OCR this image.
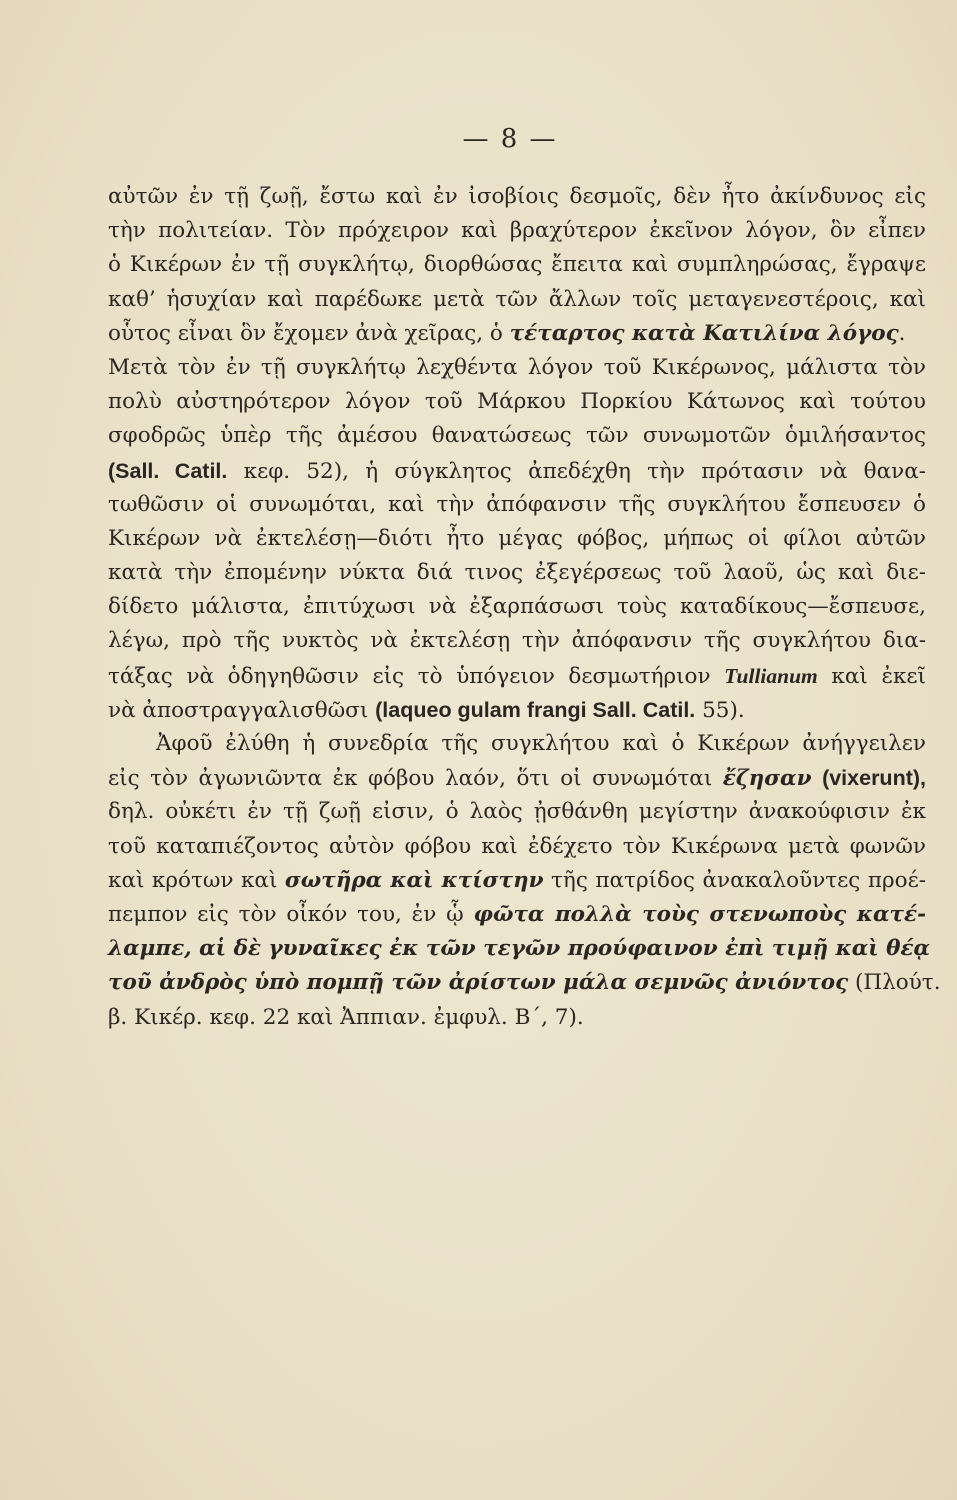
— 8 —
αὐτῶν ἐν τῇ ζωῇ, ἔστω καὶ ἐν ἰσοβίοις δεσμοῖς, δὲν ἦτο ἀκίνδυνος εἰς
τὴν πολιτείαν. Τὸν πρόχειρον καὶ βραχύτερον ἐκεῖνον λόγον, ὃν εἶπεν
ὁ Κικέρων ἐν τῇ συγκλήτῳ, διορθώσας ἔπειτα καὶ συμπληρώσας, ἔγραψε
καθ’ ἡσυχίαν καὶ παρέδωκε μετὰ τῶν ἄλλων τοῖς μεταγενεστέροις, καὶ
οὗτος εἶναι ὃν ἔχομεν ἀνὰ χεῖρας, ὁ τέταρτος κατὰ Κατιλίνα λόγος.
Μετὰ τὸν ἐν τῇ συγκλήτῳ λεχθέντα λόγον τοῦ Κικέρωνος, μάλιστα τὸν
πολὺ αὐστηρότερον λόγον τοῦ Μάρκου Πορκίου Κάτωνος καὶ τούτου
σφοδρῶς ὑπὲρ τῆς ἀμέσου θανατώσεως τῶν συνωμοτῶν ὁμιλήσαντος
(Sall. Catil. κεφ. 52), ἡ σύγκλητος ἀπεδέχθη τὴν πρότασιν νὰ θανα-
τωθῶσιν οἱ συνωμόται, καὶ τὴν ἀπόφανσιν τῆς συγκλήτου ἔσπευσεν ὁ
Κικέρων νὰ ἐκτελέσῃ—διότι ἦτο μέγας φόβος, μήπως οἱ φίλοι αὐτῶν
κατὰ τὴν ἐπομένην νύκτα διά τινος ἐξεγέρσεως τοῦ λαοῦ, ὡς καὶ διε-
δίδετο μάλιστα, ἐπιτύχωσι νὰ ἐξαρπάσωσι τοὺς καταδίκους—ἔσπευσε,
λέγω, πρὸ τῆς νυκτὸς νὰ ἐκτελέσῃ τὴν ἀπόφανσιν τῆς συγκλήτου δια-
τάξας νὰ ὁδηγηθῶσιν εἰς τὸ ὑπόγειον δεσμωτήριον Tullianum καὶ ἐκεῖ
νὰ ἀποστραγγαλισθῶσι (laqueo gulam frangi Sall. Catil. 55).
Ἀφοῦ ἐλύθη ἡ συνεδρία τῆς συγκλήτου καὶ ὁ Κικέρων ἀνήγγειλεν
εἰς τὸν ἀγωνιῶντα ἐκ φόβου λαόν, ὅτι οἱ συνωμόται ἔζησαν (vixerunt),
δηλ. οὐκέτι ἐν τῇ ζωῇ εἰσιν, ὁ λαὸς ᾐσθάνθη μεγίστην ἀνακούφισιν ἐκ
τοῦ καταπιέζοντος αὐτὸν φόβου καὶ ἐδέχετο τὸν Κικέρωνα μετὰ φωνῶν
καὶ κρότων καὶ σωτῆρα καὶ κτίστην τῆς πατρίδος ἀνακαλοῦντες προέ-
πεμπον εἰς τὸν οἶκόν του, ἐν ᾧ φῶτα πολλὰ τοὺς στενωποὺς κατέ-
λαμπε, αἱ δὲ γυναῖκες ἐκ τῶν τεγῶν προύφαινον ἐπὶ τιμῇ καὶ θέᾳ
τοῦ ἀνδρὸς ὑπὸ πομπῇ τῶν ἀρίστων μάλα σεμνῶς ἀνιόντος (Πλούτ.
β. Κικέρ. κεφ. 22 καὶ Ἀππιαν. ἐμφυλ. Β΄, 7).
